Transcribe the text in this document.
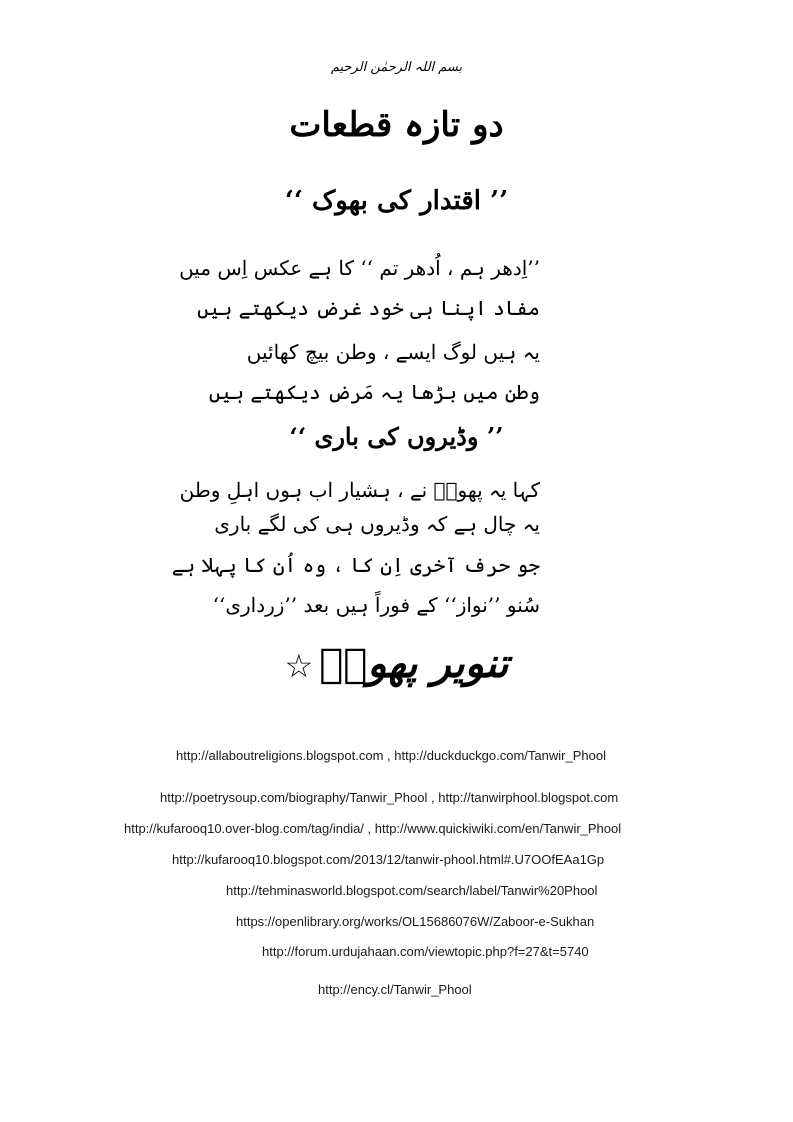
بسم اللہ الرحمٰن الرحیم
دو تازہ قطعات
’’ اقتدار کی بھوک ‘‘
’’اِدھر ہم ، اُدھر تم ‘‘ کا ہے عکس اِس میں
مفاد اپنا ہی خود غرض دیکھتے ہیں
یہ ہیں لوگ ایسے ، وطن بیچ کھائیں
وطن میں بڑھا یہ مَرض دیکھتے ہیں
’’ وڈیروں کی باری ‘‘
کہا یہ پھولؔ نے ، ہشیار اب ہوں اہلِ وطن
یہ چال ہے کہ وڈیروں ہی کی لگے باری
جو حرف آخری اِن کا ، وہ اُن کا پہلا ہے
سُنو ’’نواز‘‘ کے فوراً ہیں بعد ’’زرداری‘‘
تنویر پھولؔ☆
http://allaboutreligions.blogspot.com , http://duckduckgo.com/Tanwir_Phool
http://poetrysoup.com/biography/Tanwir_Phool , http://tanwirphool.blogspot.com
http://kufarooq10.over-blog.com/tag/india/ , http://www.quickiwiki.com/en/Tanwir_Phool
http://kufarooq10.blogspot.com/2013/12/tanwir-phool.html#.U7OOfEAa1Gp
http://tehminasworld.blogspot.com/search/label/Tanwir%20Phool
https://openlibrary.org/works/OL15686076W/Zaboor-e-Sukhan
http://forum.urdujahaan.com/viewtopic.php?f=27&t=5740
http://ency.cl/Tanwir_Phool
